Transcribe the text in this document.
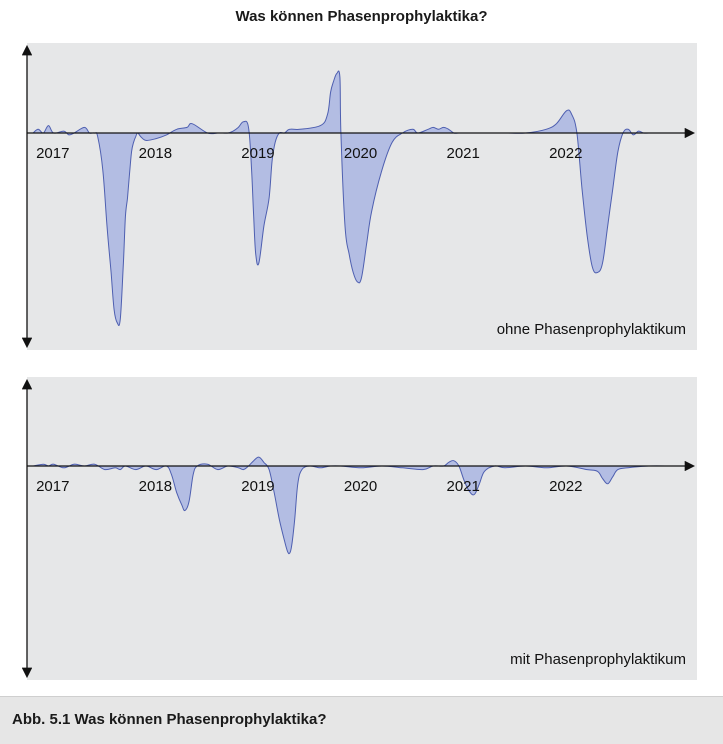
Was können Phasenprophylaktika?
2017	2018	2019	2020	2021	2022
ohne Phasenprophylaktikum
2017	2018	2019	2020	2021	2022
mit Phasenprophylaktikum
Abb. 5.1 Was können Phasenprophylaktika?
